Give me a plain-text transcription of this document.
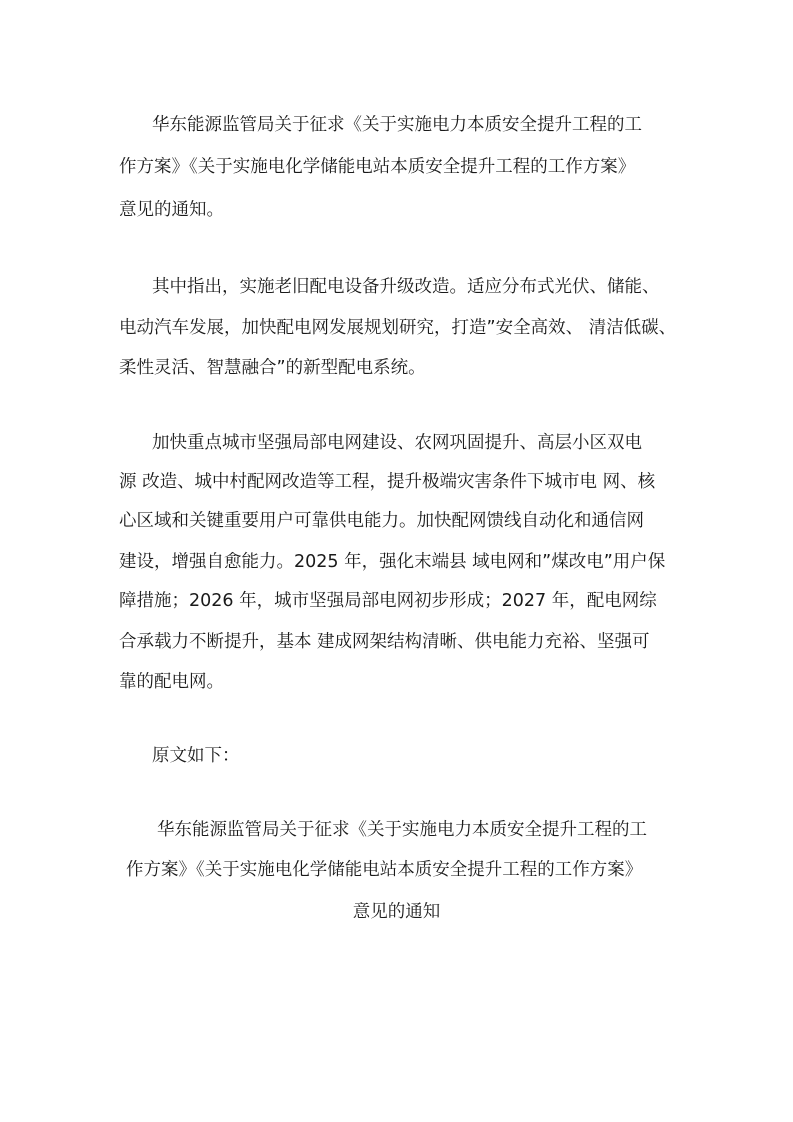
华东能源监管局关于征求《关于实施电力本质安全提升工程的工
作方案》《关于实施电化学储能电站本质安全提升工程的工作方案》
意见的通知。
其中指出，实施老旧配电设备升级改造。适应分布式光伏、储能、
电动汽车发展，加快配电网发展规划研究，打造”安全高效、 清洁低碳、
柔性灵活、智慧融合”的新型配电系统。
加快重点城市坚强局部电网建设、农网巩固提升、高层小区双电
源 改造、城中村配网改造等工程，提升极端灾害条件下城市电 网、核
心区域和关键重要用户可靠供电能力。加快配网馈线自动化和通信网
建设，增强自愈能力。2025 年，强化末端县 域电网和”煤改电”用户保
障措施；2026 年，城市坚强局部电网初步形成；2027 年，配电网综
合承载力不断提升，基本 建成网架结构清晰、供电能力充裕、坚强可
靠的配电网。
原文如下：
华东能源监管局关于征求《关于实施电力本质安全提升工程的工
作方案》《关于实施电化学储能电站本质安全提升工程的工作方案》
意见的通知
